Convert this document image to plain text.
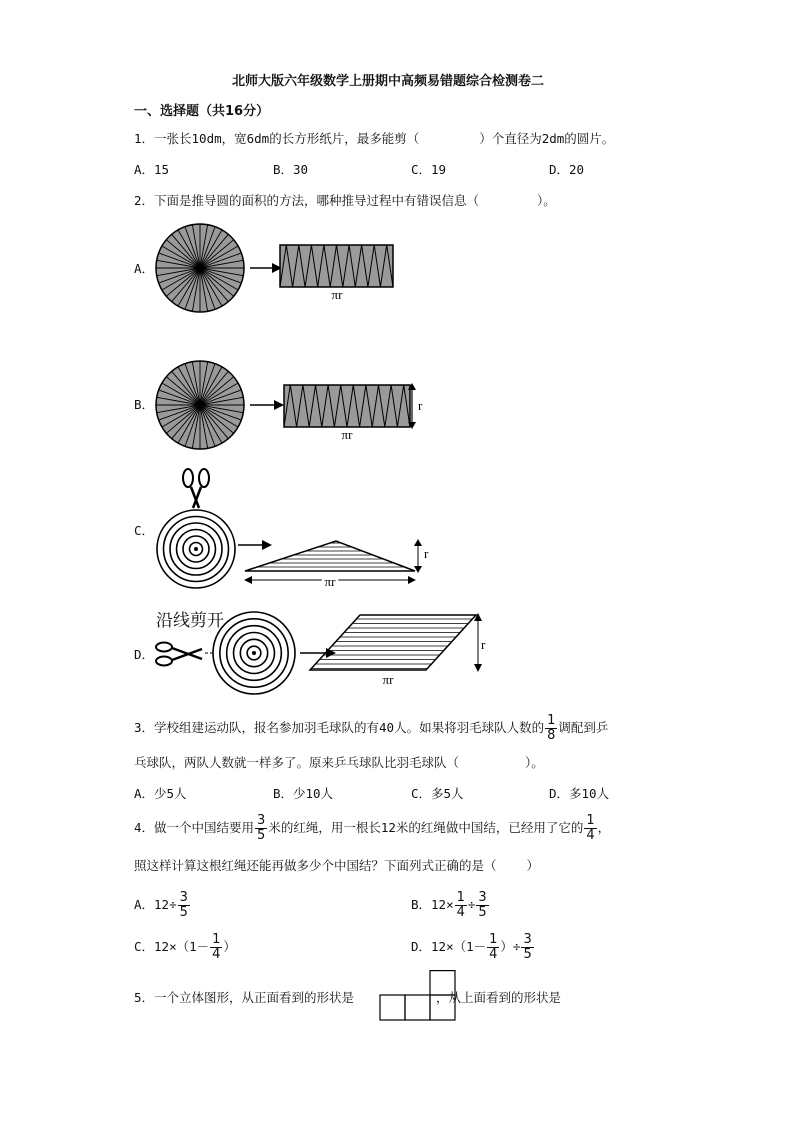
北师大版六年级数学上册期中高频易错题综合检测卷二
一、选择题（共16分）
1．一张长10dm，宽6dm的长方形纸片，最多能剪（	）个直径为2dm的圆片。
A．15	B．30	C．19	D．20
2．下面是推导圆的面积的方法，哪种推导过程中有错误信息（	）。
A．
πr
B．	r
πr
C．
r
πr
沿线剪开
D．
r
πr
3．学校组建运动队，报名参加羽毛球队的有40人。如果将羽毛球队人数的 $\frac{1}{8}$ 调配到乒
乓球队，两队人数就一样多了。原来乒乓球队比羽毛球队（	）。
A．少5人	B．少10人	C．多5人	D．多10人
4．做一个中国结要用 $\frac{3}{5}$ 米的红绳，用一根长12米的红绳做中国结，已经用了它的 $\frac{1}{4}$ ，
照这样计算这根红绳还能再做多少个中国结？下面列式正确的是（ ）
A．$12\div \frac{3}{5}$	B．$12\times \frac{1}{4} \div \frac{3}{5}$
C．$12\times(1- \frac{1}{4}$ ）	D．$12\times(1- \frac{1}{4}$ ）÷ $\frac{3}{5}$
5．一个立体图形，从正面看到的形状是	，从上面看到的形状是
